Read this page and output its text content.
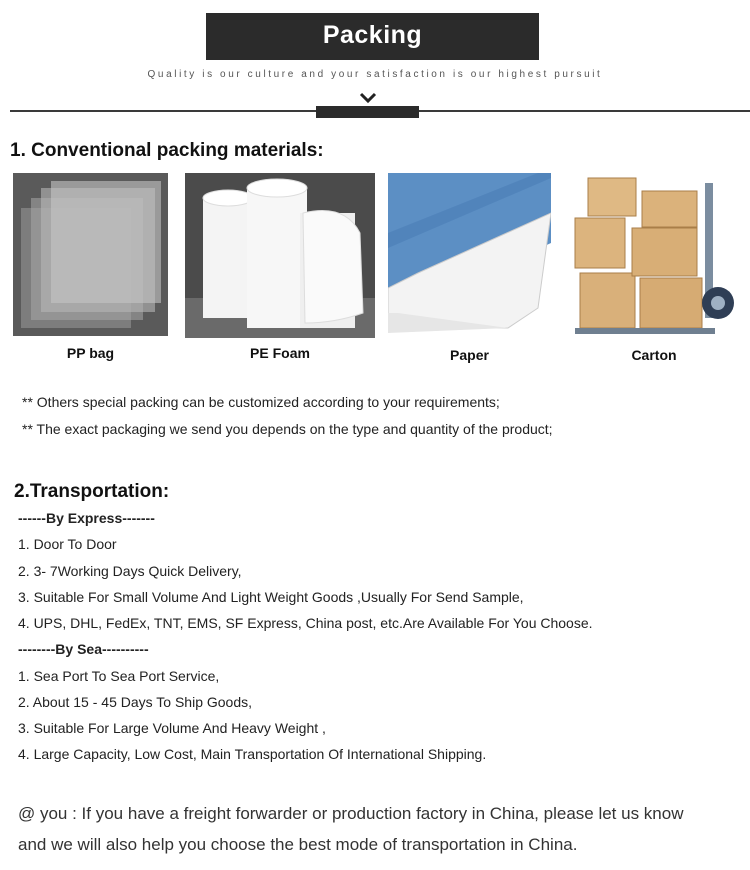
Packing
Quality is our culture and your satisfaction is our highest pursuit
1. Conventional packing materials:
PP bag	PE Foam	Paper	Carton
** Others special packing can be customized according to your requirements;
** The exact packaging we send you depends on the type and quantity of the product;
2.Transportation:
------By Express-------
1. Door To Door
2. 3- 7Working Days Quick Delivery,
3. Suitable For Small Volume And Light Weight Goods ,Usually For Send Sample,
4. UPS, DHL, FedEx, TNT, EMS, SF Express, China post, etc.Are Available For You Choose.
--------By Sea----------
1. Sea Port To Sea Port Service,
2. About 15 - 45 Days To Ship Goods,
3. Suitable For Large Volume And Heavy Weight ,
4. Large Capacity, Low Cost, Main Transportation Of International Shipping.
@ you : If you have a freight forwarder or production factory in China, please let us know
and we will also help you choose the best mode of transportation in China.
